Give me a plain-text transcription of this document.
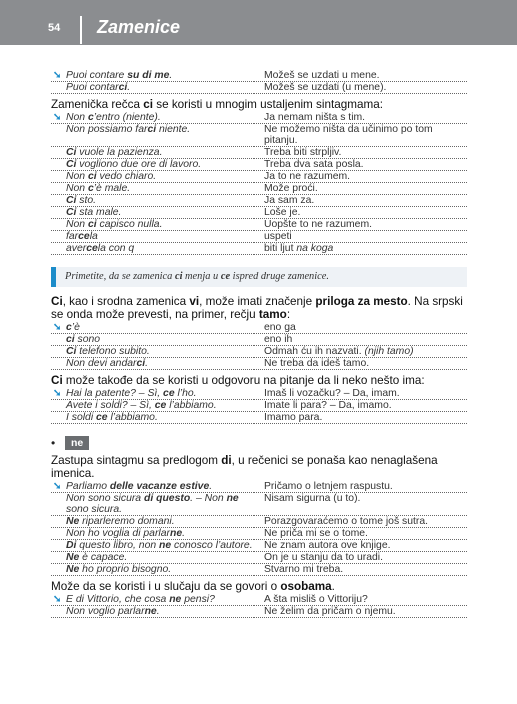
54 Zamenice
➘ Puoi contare su di me.	Možeš se uzdati u mene.
Puoi contarci.	Možeš se uzdati (u mene).
Zamenička rečca ci se koristi u mnogim ustaljenim sintagmama:
➘ Non c’entro (niente).	Ja nemam ništa s tim.
Non possiamo farci niente.	Ne možemo ništa da učinimo po tom pitanju.
Ci vuole la pazienza.	Treba biti strpljiv.
Ci vogliono due ore di lavoro.	Treba dva sata posla.
Non ci vedo chiaro.	Ja to ne razumem.
Non c’è male.	Može proći.
Ci sto.	Ja sam za.
Ci sta male.	Loše je.
Non ci capisco nulla.	Uopšte to ne razumem.
farcela	uspeti
avercela con q	biti ljut na koga
Primetite, da se zamenica ci menja u ce ispred druge zamenice.
Ci, kao i srodna zamenica vi, može imati značenje priloga za mesto. Na srpski se onda može prevesti, na primer, rečju tamo:
➘ c’è	eno ga
ci sono	eno ih
Ci telefono subito.	Odmah ću ih nazvati. (njih tamo)
Non devi andarci.	Ne treba da ideš tamo.
Ci može takođe da se koristi u odgovoru na pitanje da li neko nešto ima:
➘ Hai la patente? – Sì, ce l’ho.	Imaš li vozačku? – Da, imam.
Avete i soldi? – Sì, ce l’abbiamo.	Imate li para? – Da, imamo.
I soldi ce l’abbiamo.	Imamo para.
•	ne
Zastupa sintagmu sa predlogom di, u rečenici se ponaša kao nenaglašena imenica.
➘ Parliamo delle vacanze estive.	Pričamo o letnjem raspustu.
Non sono sicura di questo. – Non ne sono sicura.	Nisam sigurna (u to).
Ne riparleremo domani.	Porazgovaraćemo o tome još sutra.
Non ho voglia di parlarne.	Ne priča mi se o tome.
Di questo libro, non ne conosco l’autore.	Ne znam autora ove knjige.
Ne è capace.	On je u stanju da to uradi.
Ne ho proprio bisogno.	Stvarno mi treba.
Može da se koristi i u slučaju da se govori o osobama.
➘ E di Vittorio, che cosa ne pensi?	A šta misliš o Vittoriju?
Non voglio parlarne.	Ne želim da pričam o njemu.
